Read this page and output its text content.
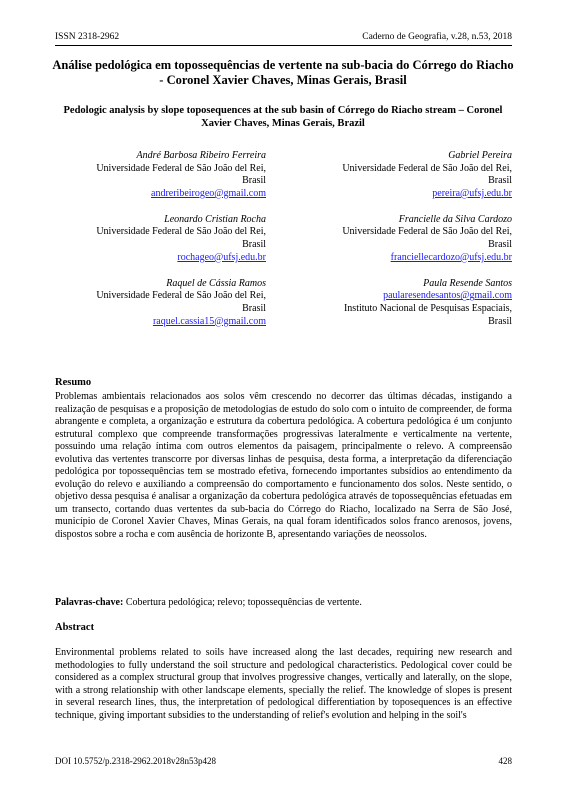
ISSN 2318-2962	Caderno de Geografia, v.28, n.53, 2018
Análise pedológica em topossequências de vertente na sub-bacia do Córrego do Riacho - Coronel Xavier Chaves, Minas Gerais, Brasil
Pedologic analysis by slope toposequences at the sub basin of Córrego do Riacho stream – Coronel Xavier Chaves, Minas Gerais, Brazil
André Barbosa Ribeiro Ferreira
Universidade Federal de São João del Rei,
Brasil
andreribeirogeo@gmail.com
Leonardo Cristian Rocha
Universidade Federal de São João del Rei,
Brasil
rochageo@ufsj.edu.br
Raquel de Cássia Ramos
Universidade Federal de São João del Rei,
Brasil
raquel.cassia15@gmail.com
Gabriel Pereira
Universidade Federal de São João del Rei,
Brasil
pereira@ufsj.edu.br
Francielle da Silva Cardozo
Universidade Federal de São João del Rei,
Brasil
franciellecardozo@ufsj.edu.br
Paula Resende Santos
paularesendesantos@gmail.com
Instituto Nacional de Pesquisas Espaciais,
Brasil
Resumo
Problemas ambientais relacionados aos solos vêm crescendo no decorrer das últimas décadas, instigando a realização de pesquisas e a proposição de metodologias de estudo do solo com o intuito de compreender, de forma abrangente e completa, a organização e estrutura da cobertura pedológica. A cobertura pedológica é um conjunto estrutural complexo que compreende transformações progressivas lateralmente e verticalmente na vertente, possuindo uma relação íntima com outros elementos da paisagem, principalmente o relevo. A compreensão evolutiva das vertentes transcorre por diversas linhas de pesquisa, desta forma, a interpretação da diferenciação pedológica por topossequências tem se mostrado efetiva, fornecendo importantes subsídios ao entendimento da evolução do relevo e auxiliando a compreensão do comportamento e funcionamento dos solos. Neste sentido, o objetivo dessa pesquisa é analisar a organização da cobertura pedológica através de topossequências efetuadas em um transecto, cortando duas vertentes da sub-bacia do Córrego do Riacho, localizado na Serra de São José, município de Coronel Xavier Chaves, Minas Gerais, na qual foram identificados solos franco arenosos, jovens, dispostos sobre a rocha e com ausência de horizonte B, apresentando variações de neossolos.
Palavras-chave: Cobertura pedológica; relevo; topossequências de vertente.
Abstract
Environmental problems related to soils have increased along the last decades, requiring new research and methodologies to fully understand the soil structure and pedological characteristics. Pedological cover could be considered as a complex structural group that involves progressive changes, vertically and laterally, on the slope, with a strong relationship with other landscape elements, specially the relief. The knowledge of slopes is present in several research lines, thus, the interpretation of pedological differentiation by toposequences is an effective technique, giving important subsidies to the understanding of relief's evolution and helping in the soil's
DOI 10.5752/p.2318-2962.2018v28n53p428	428
